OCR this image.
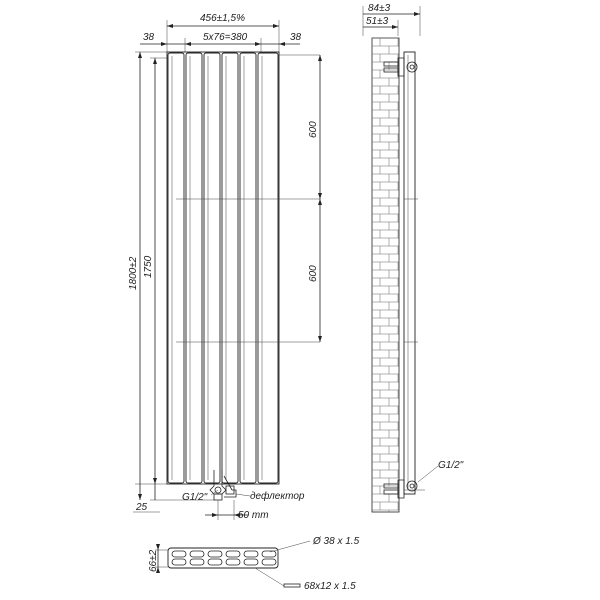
456±1,5%
38	5x76=380	38
600
600
1800±2 1750
25
G1/2"	дефлектор
50 mm
84±3
51±3
G1/2"
66±2
Ø 38 x 1.5
68x12 x 1.5
